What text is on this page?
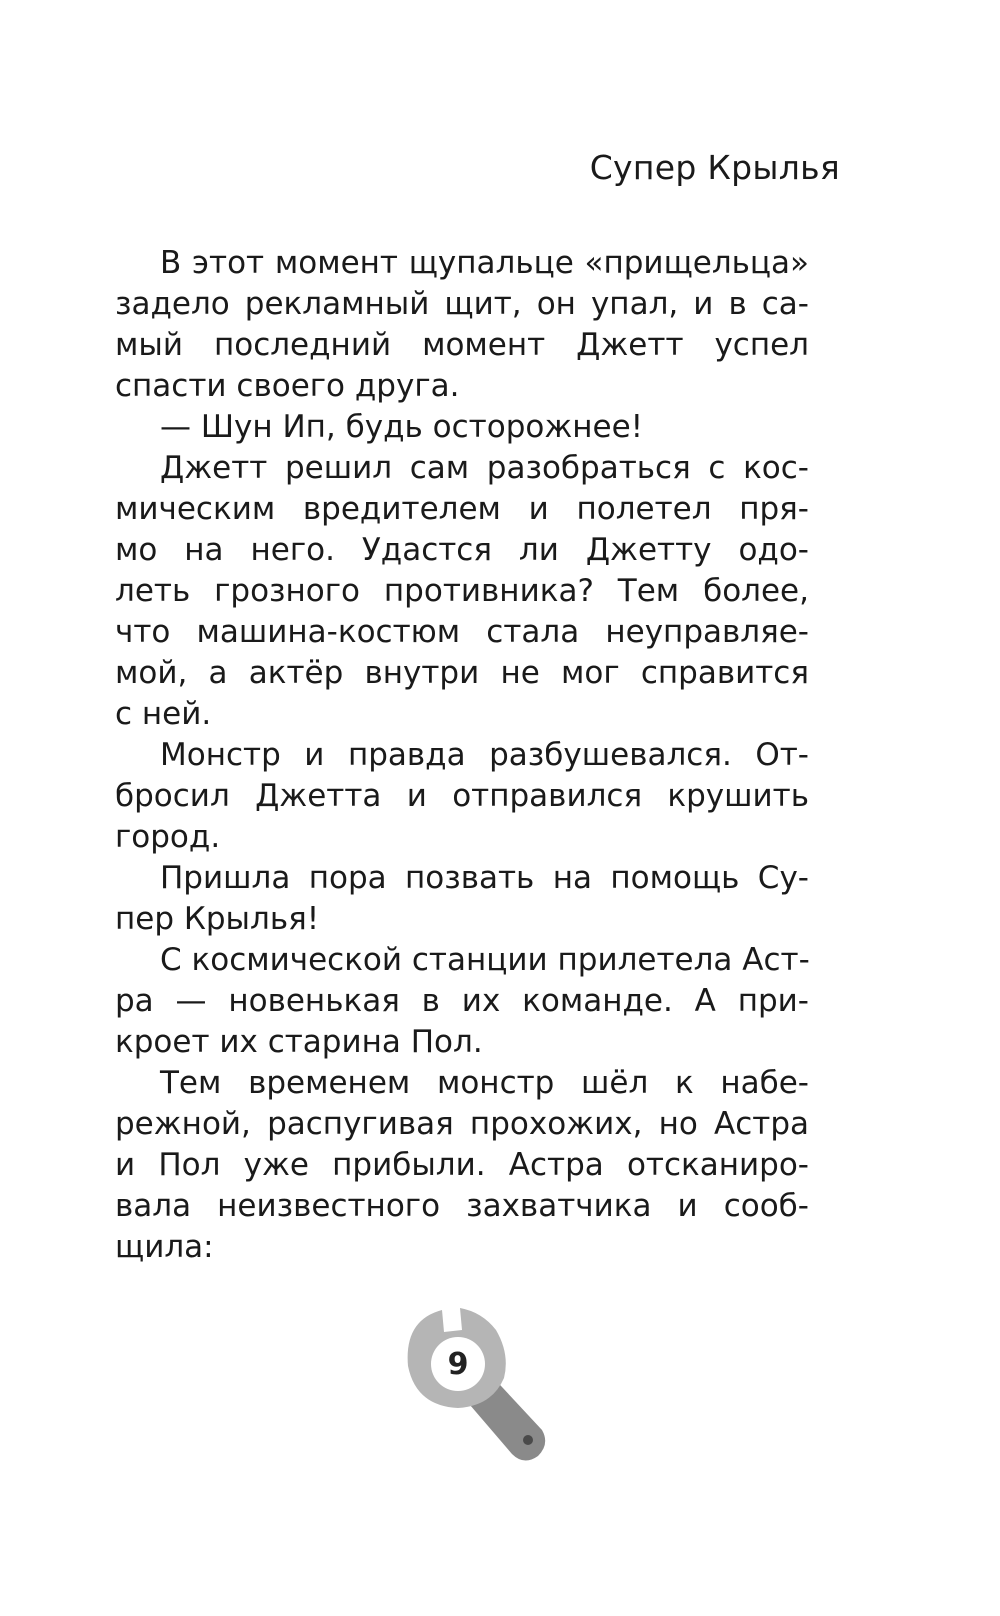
Супер Крылья
В этот момент щупальце «прищельца»
задело рекламный щит, он упал, и в са-
мый последний момент Джетт успел
спасти своего друга.
— Шун Ип, будь осторожнее!
Джетт решил сам разобраться с кос-
мическим вредителем и полетел пря-
мо на него. Удастся ли Джетту одо-
леть грозного противника? Тем более,
что машина-костюм стала неуправляе-
мой, а актёр внутри не мог справится
с ней.
Монстр и правда разбушевался. От-
бросил Джетта и отправился крушить
город.
Пришла пора позвать на помощь Су-
пер Крылья!
С космической станции прилетела Аст-
ра — новенькая в их команде. А при-
кроет их старина Пол.
Тем временем монстр шёл к набе-
режной, распугивая прохожих, но Астра
и Пол уже прибыли. Астра отсканиро-
вала неизвестного захватчика и сооб-
щила:
9
